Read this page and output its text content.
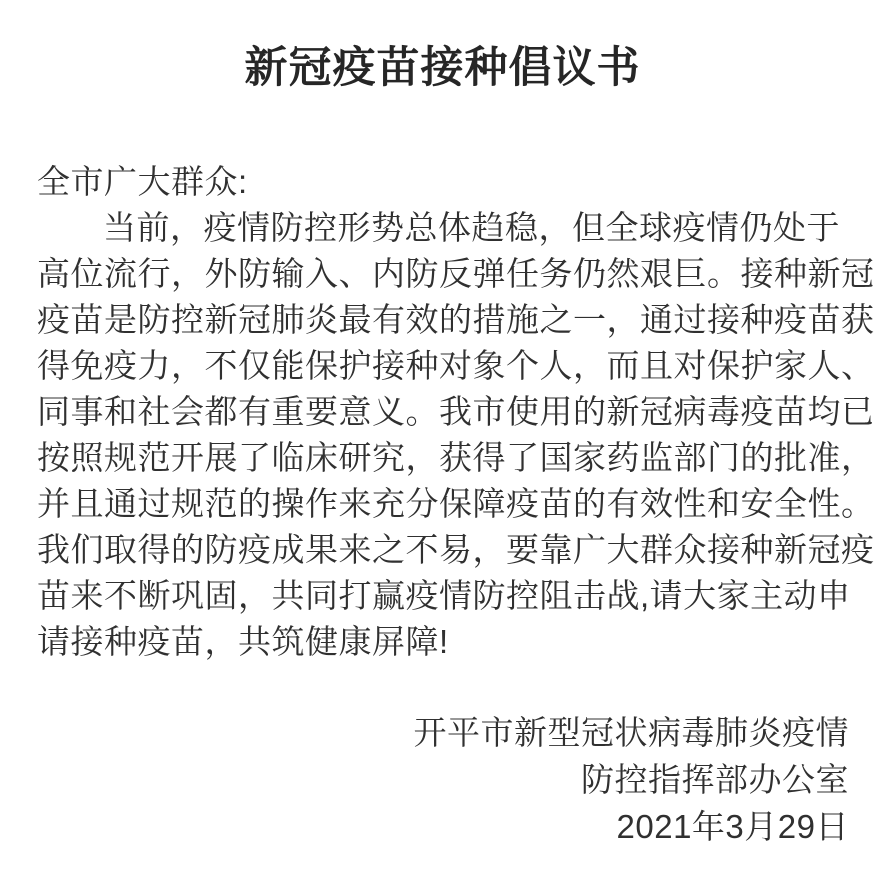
新冠疫苗接种倡议书
全市广大群众:
当前，疫情防控形势总体趋稳，但全球疫情仍处于
高位流行，外防输入、内防反弹任务仍然艰巨。接种新冠
疫苗是防控新冠肺炎最有效的措施之一，通过接种疫苗获
得免疫力，不仅能保护接种对象个人，而且对保护家人、
同事和社会都有重要意义。我市使用的新冠病毒疫苗均已
按照规范开展了临床研究，获得了国家药监部门的批准，
并且通过规范的操作来充分保障疫苗的有效性和安全性。
我们取得的防疫成果来之不易，要靠广大群众接种新冠疫
苗来不断巩固，共同打赢疫情防控阻击战,请大家主动申
请接种疫苗，共筑健康屏障!
开平市新型冠状病毒肺炎疫情
防控指挥部办公室
2021年3月29日
